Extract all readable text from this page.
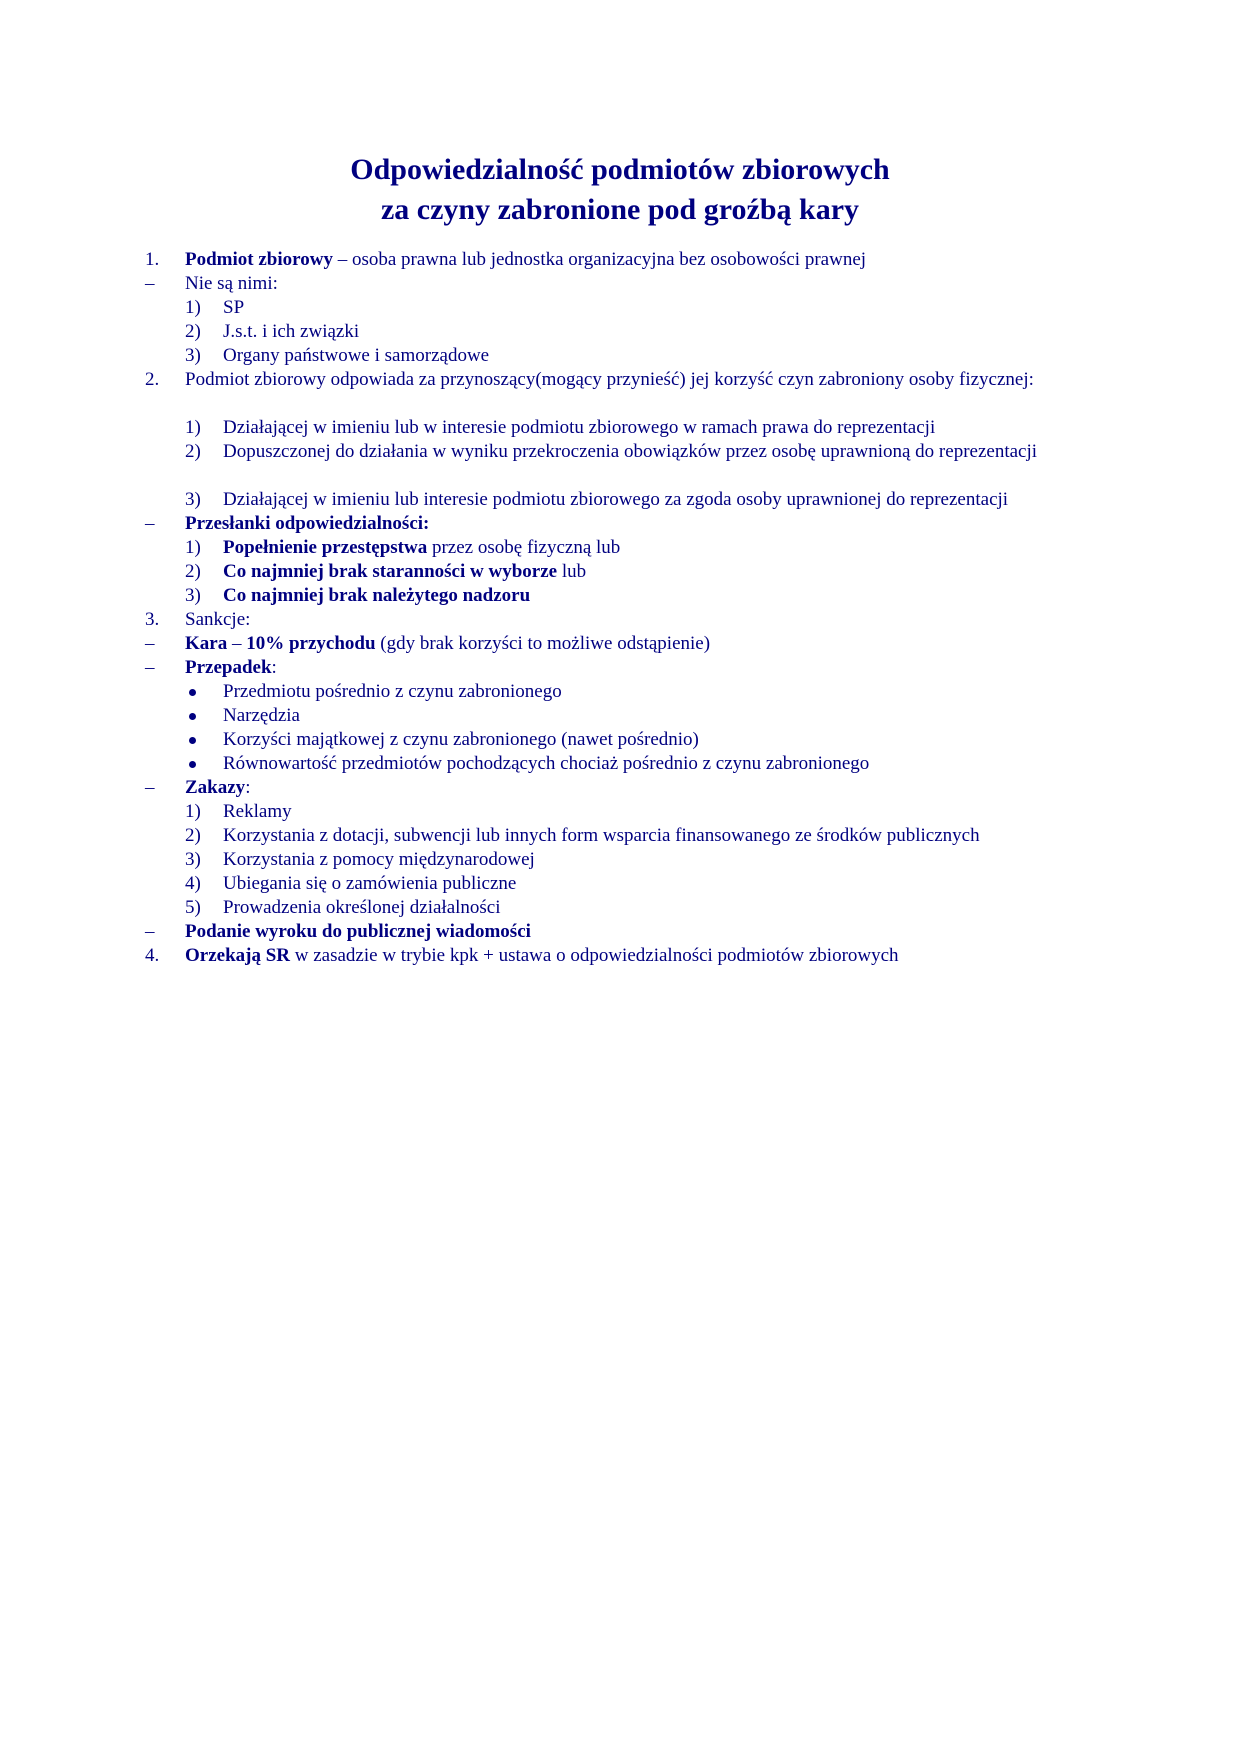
Odpowiedzialność podmiotów zbiorowych
za czyny zabronione pod groźbą kary
1. Podmiot zbiorowy – osoba prawna lub jednostka organizacyjna bez osobowości prawnej
– Nie są nimi:
1) SP
2) J.s.t. i ich związki
3) Organy państwowe i samorządowe
2. Podmiot zbiorowy odpowiada za przynoszący(mogący przynieść) jej korzyść czyn zabroniony osoby fizycznej:
1) Działającej w imieniu lub w interesie podmiotu zbiorowego w ramach prawa do reprezentacji
2) Dopuszczonej do działania w wyniku przekroczenia obowiązków przez osobę uprawnioną do reprezentacji
3) Działającej w imieniu lub interesie podmiotu zbiorowego za zgoda osoby uprawnionej do reprezentacji
– Przesłanki odpowiedzialności:
1) Popełnienie przestępstwa przez osobę fizyczną lub
2) Co najmniej brak staranności w wyborze lub
3) Co najmniej brak należytego nadzoru
3. Sankcje:
– Kara – 10% przychodu (gdy brak korzyści to możliwe odstąpienie)
– Przepadek:
Przedmiotu pośrednio z czynu zabronionego
Narzędzia
Korzyści majątkowej z czynu zabronionego (nawet pośrednio)
Równowartość przedmiotów pochodzących chociaż pośrednio z czynu zabronionego
– Zakazy:
1) Reklamy
2) Korzystania z dotacji, subwencji lub innych form wsparcia finansowanego ze środków publicznych
3) Korzystania z pomocy międzynarodowej
4) Ubiegania się o zamówienia publiczne
5) Prowadzenia określonej działalności
– Podanie wyroku do publicznej wiadomości
4. Orzekają SR w zasadzie w trybie kpk + ustawa o odpowiedzialności podmiotów zbiorowych
